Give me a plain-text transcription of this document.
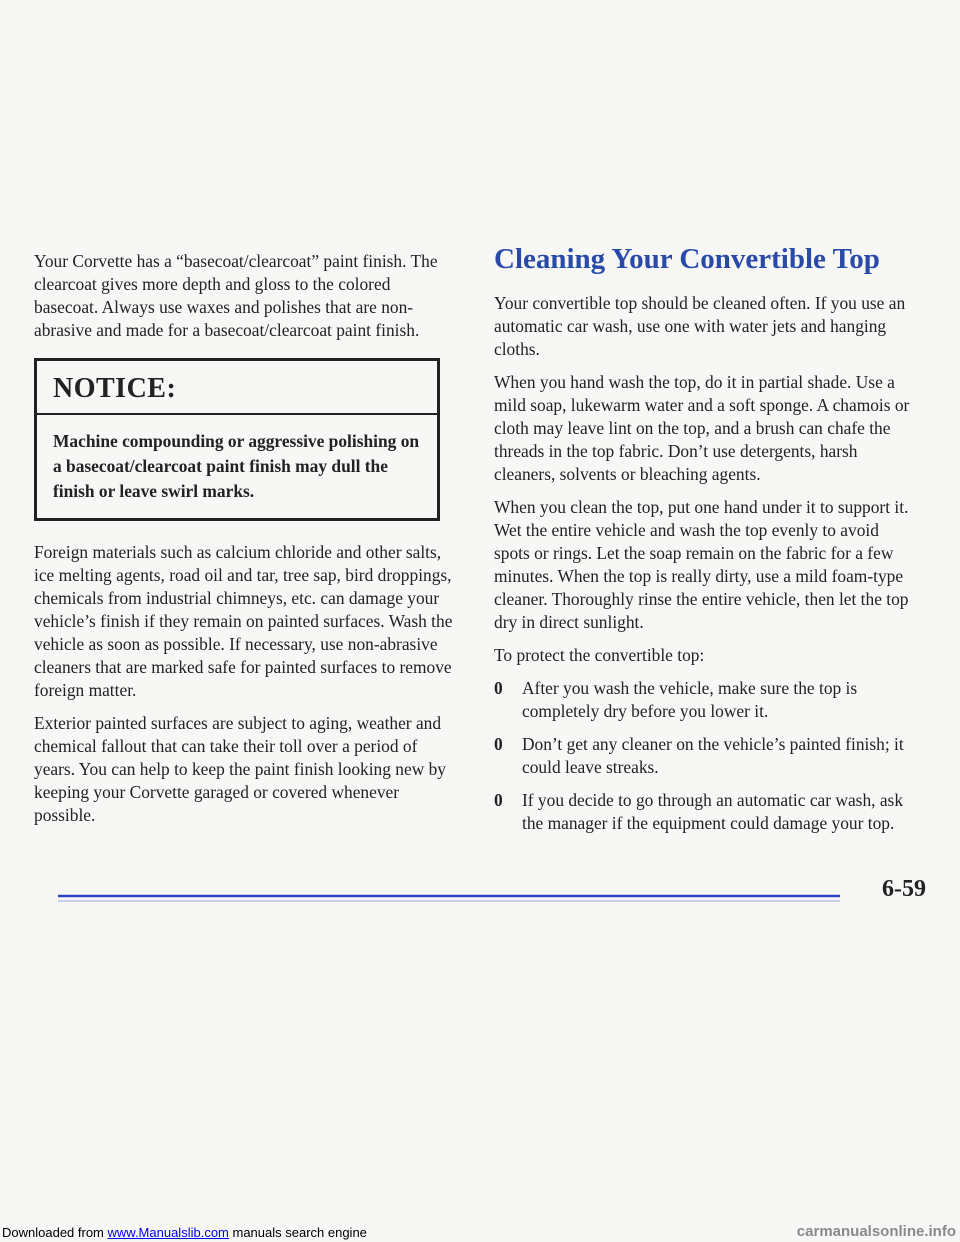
Your Corvette has a “basecoat/clearcoat” paint finish. The clearcoat gives more depth and gloss to the colored basecoat. Always use waxes and polishes that are non-abrasive and made for a basecoat/clearcoat paint finish.

NOTICE:
Machine compounding or aggressive polishing on a basecoat/clearcoat paint finish may dull the finish or leave swirl marks.

Foreign materials such as calcium chloride and other salts, ice melting agents, road oil and tar, tree sap, bird droppings, chemicals from industrial chimneys, etc. can damage your vehicle’s finish if they remain on painted surfaces. Wash the vehicle as soon as possible. If necessary, use non-abrasive cleaners that are marked safe for painted surfaces to remove foreign matter.

Exterior painted surfaces are subject to aging, weather and chemical fallout that can take their toll over a period of years. You can help to keep the paint finish looking new by keeping your Corvette garaged or covered whenever possible.

Cleaning Your Convertible Top

Your convertible top should be cleaned often. If you use an automatic car wash, use one with water jets and hanging cloths.

When you hand wash the top, do it in partial shade. Use a mild soap, lukewarm water and a soft sponge. A chamois or cloth may leave lint on the top, and a brush can chafe the threads in the top fabric. Don’t use detergents, harsh cleaners, solvents or bleaching agents.

When you clean the top, put one hand under it to support it. Wet the entire vehicle and wash the top evenly to avoid spots or rings. Let the soap remain on the fabric for a few minutes. When the top is really dirty, use a mild foam-type cleaner. Thoroughly rinse the entire vehicle, then let the top dry in direct sunlight.

To protect the convertible top:

0 After you wash the vehicle, make sure the top is completely dry before you lower it.
0 Don’t get any cleaner on the vehicle’s painted finish; it could leave streaks.
0 If you decide to go through an automatic car wash, ask the manager if the equipment could damage your top.
6-59
Downloaded from www.Manualslib.com manuals search engine	carmanualsonline.info
